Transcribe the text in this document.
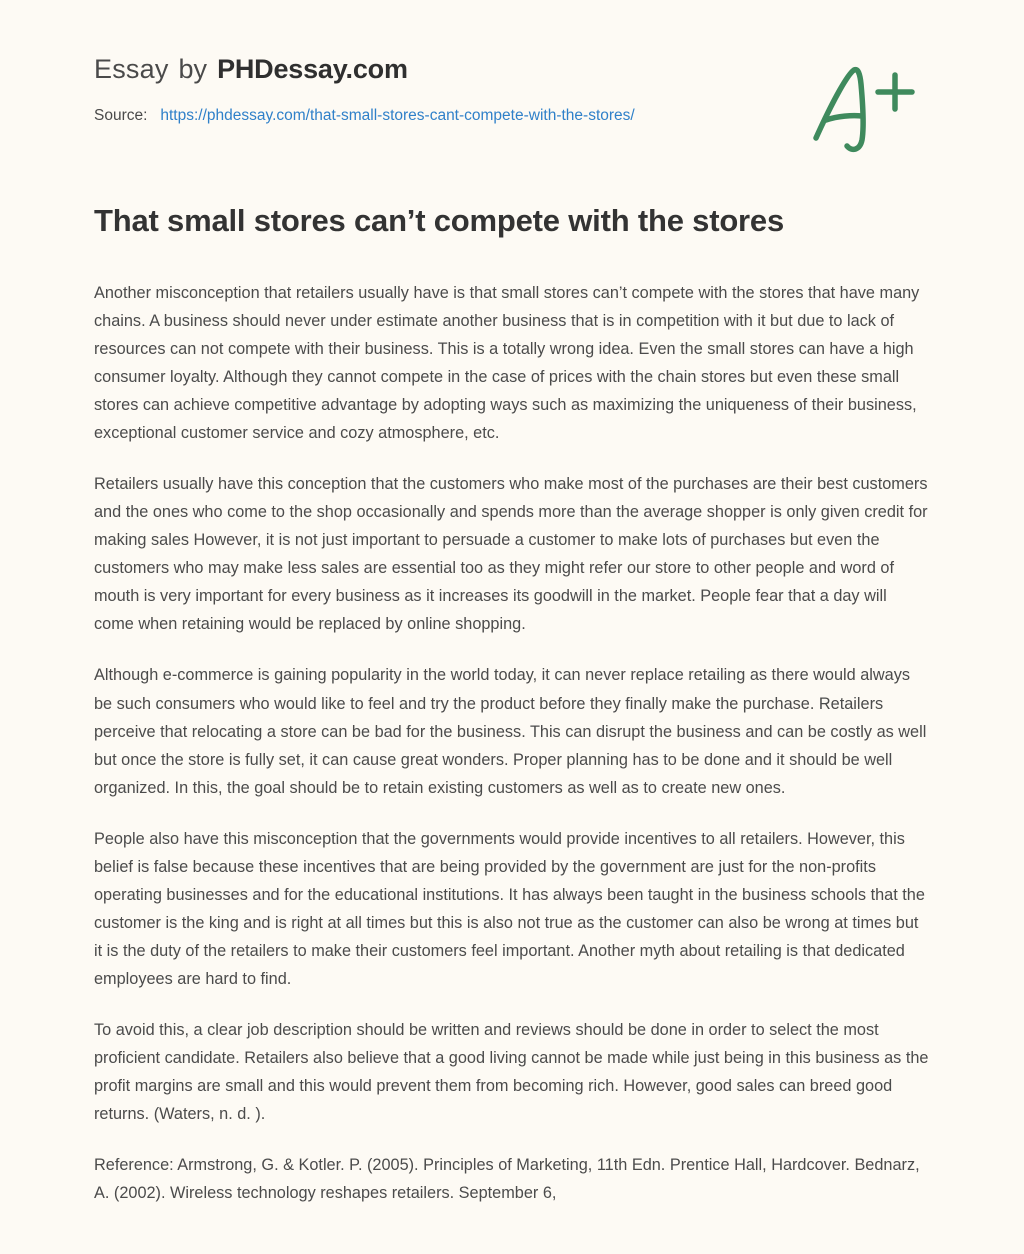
Essay by PHDessay.com
Source: https://phdessay.com/that-small-stores-cant-compete-with-the-stores/
That small stores can’t compete with the stores

Another misconception that retailers usually have is that small stores can’t compete with the stores that have many chains. A business should never under estimate another business that is in competition with it but due to lack of resources can not compete with their business. This is a totally wrong idea. Even the small stores can have a high consumer loyalty. Although they cannot compete in the case of prices with the chain stores but even these small stores can achieve competitive advantage by adopting ways such as maximizing the uniqueness of their business, exceptional customer service and cozy atmosphere, etc.

Retailers usually have this conception that the customers who make most of the purchases are their best customers and the ones who come to the shop occasionally and spends more than the average shopper is only given credit for making sales However, it is not just important to persuade a customer to make lots of purchases but even the customers who may make less sales are essential too as they might refer our store to other people and word of mouth is very important for every business as it increases its goodwill in the market. People fear that a day will come when retaining would be replaced by online shopping.

Although e-commerce is gaining popularity in the world today, it can never replace retailing as there would always be such consumers who would like to feel and try the product before they finally make the purchase. Retailers perceive that relocating a store can be bad for the business. This can disrupt the business and can be costly as well but once the store is fully set, it can cause great wonders. Proper planning has to be done and it should be well organized. In this, the goal should be to retain existing customers as well as to create new ones.

People also have this misconception that the governments would provide incentives to all retailers. However, this belief is false because these incentives that are being provided by the government are just for the non-profits operating businesses and for the educational institutions. It has always been taught in the business schools that the customer is the king and is right at all times but this is also not true as the customer can also be wrong at times but it is the duty of the retailers to make their customers feel important. Another myth about retailing is that dedicated employees are hard to find.

To avoid this, a clear job description should be written and reviews should be done in order to select the most proficient candidate. Retailers also believe that a good living cannot be made while just being in this business as the profit margins are small and this would prevent them from becoming rich. However, good sales can breed good returns. (Waters, n. d. ).

Reference: Armstrong, G. & Kotler. P. (2005). Principles of Marketing, 11th Edn. Prentice Hall, Hardcover. Bednarz, A. (2002). Wireless technology reshapes retailers. September 6,
